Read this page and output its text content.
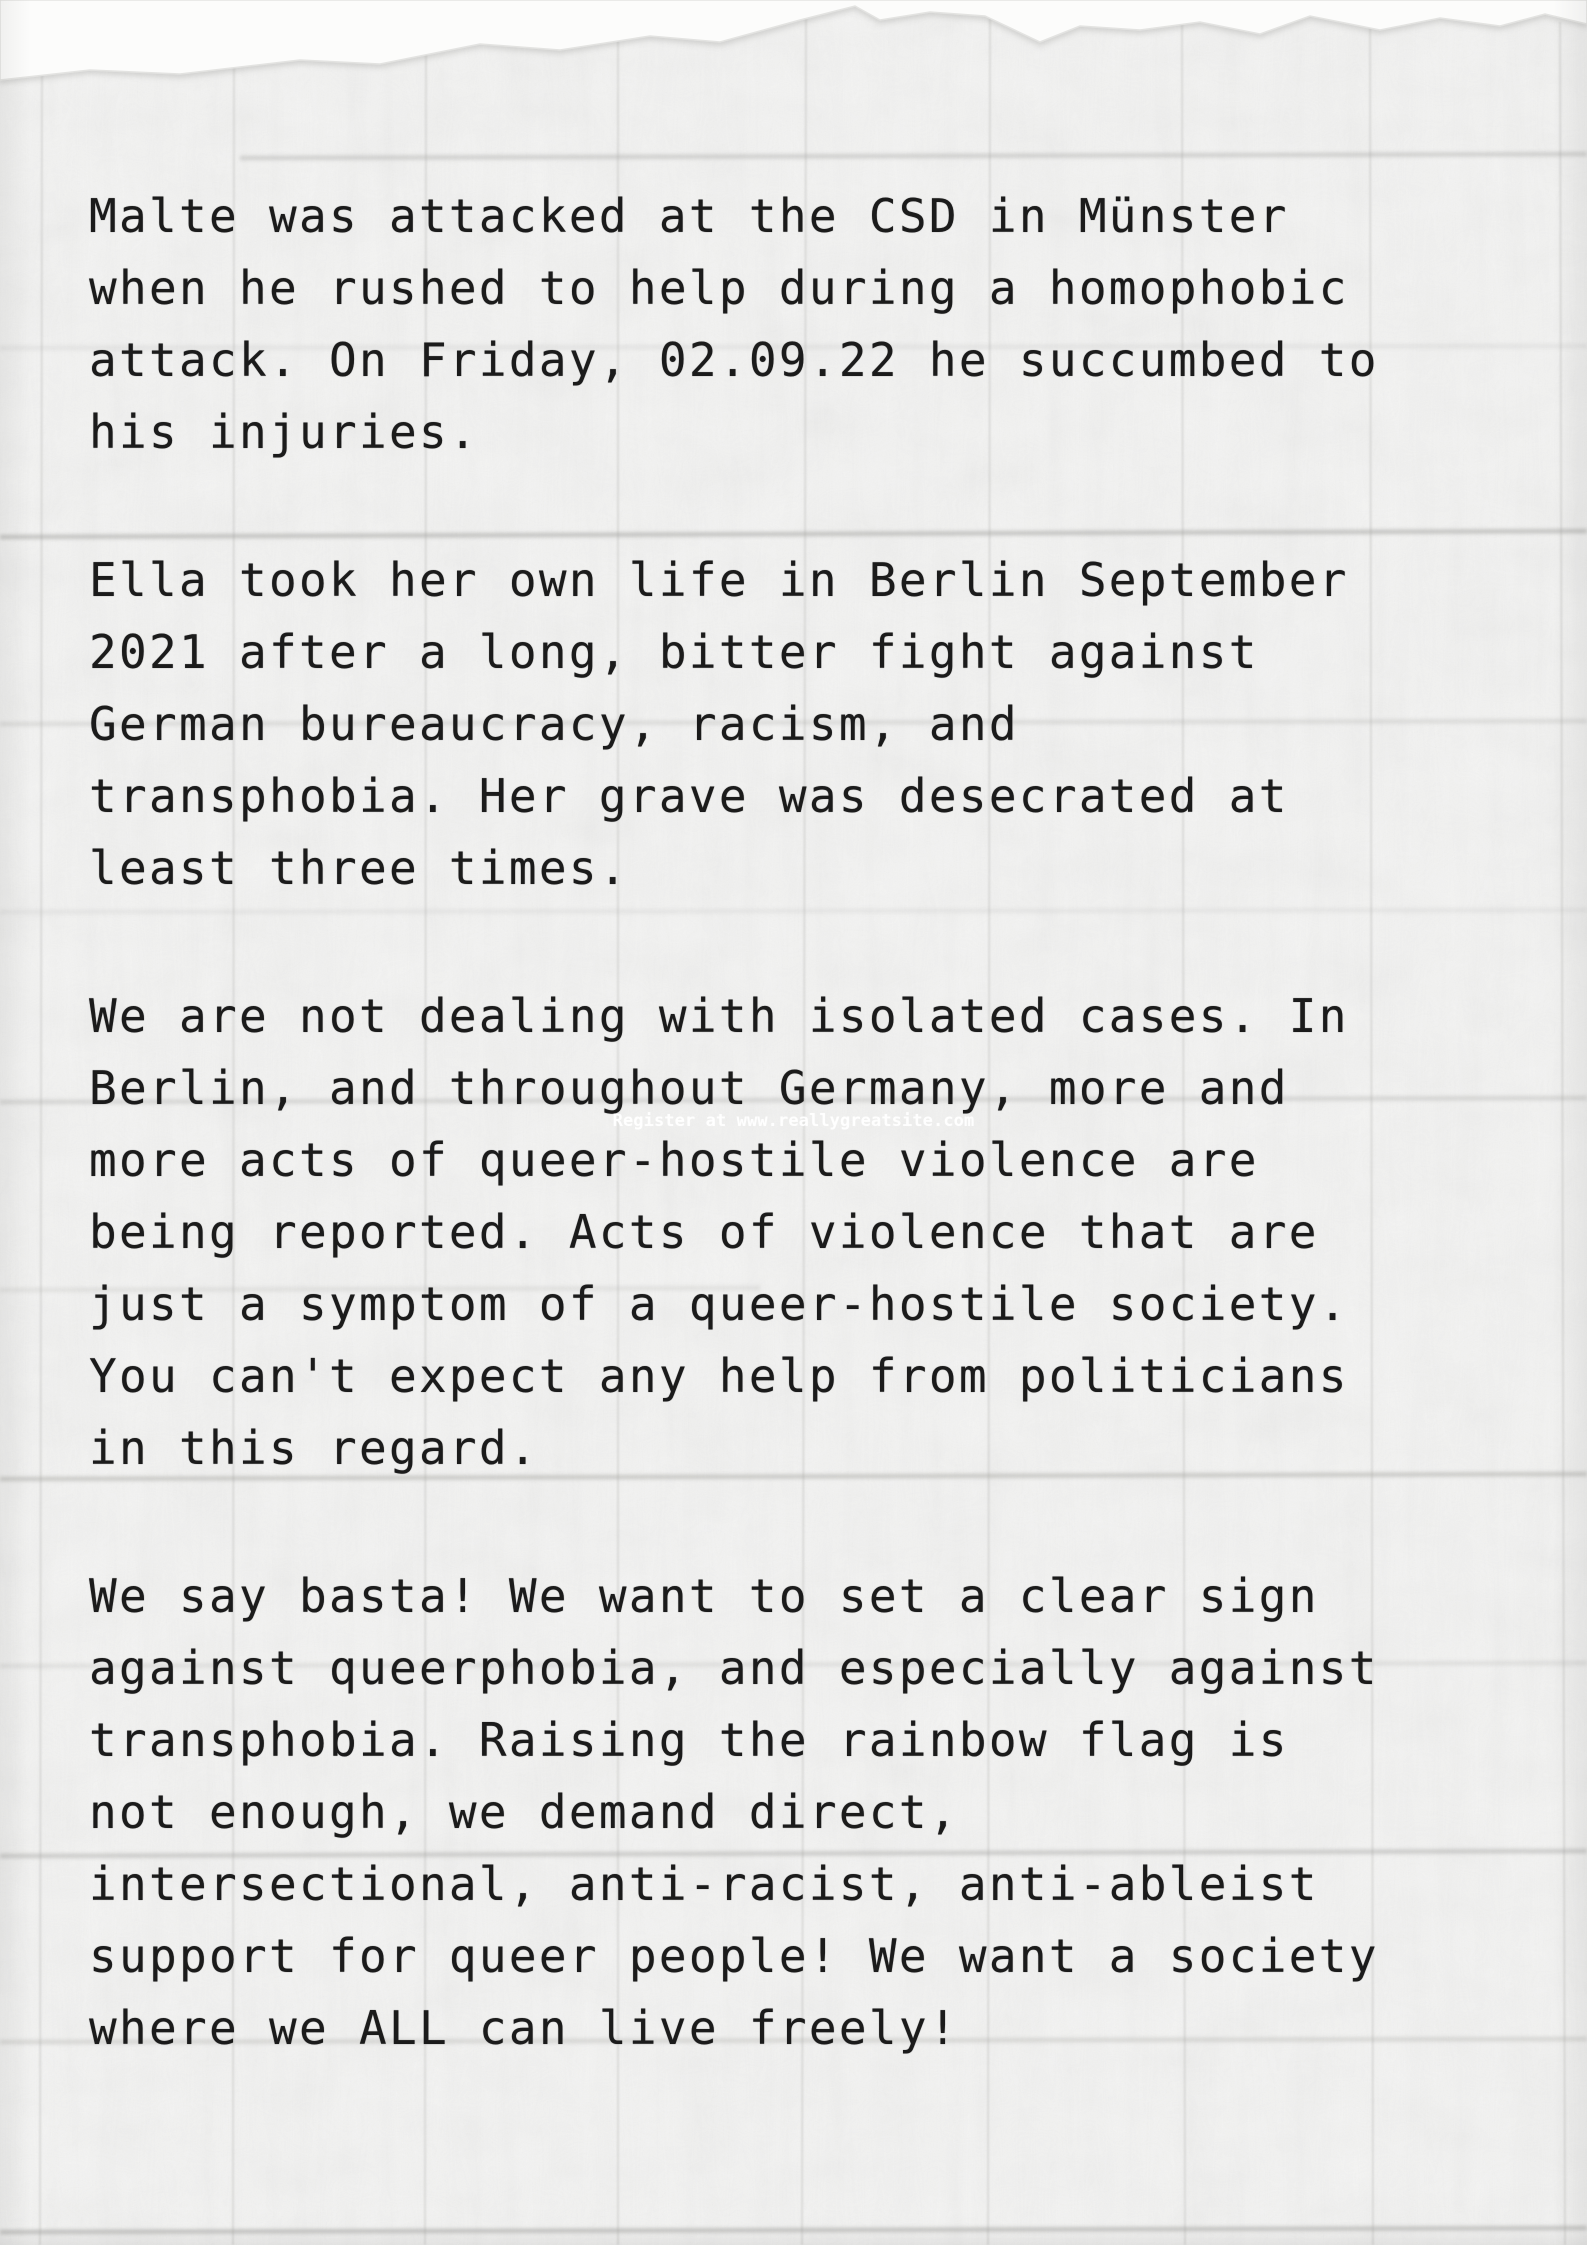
Malte was attacked at the CSD in Münster when he rushed to help during a homophobic attack. On Friday, 02.09.22 he succumbed to his injuries.

Ella took her own life in Berlin September 2021 after a long, bitter fight against German bureaucracy, racism, and transphobia. Her grave was desecrated at least three times.

We are not dealing with isolated cases. In Berlin, and throughout Germany, more and more acts of queer-hostile violence are being reported. Acts of violence that are just a symptom of a queer-hostile society. You can't expect any help from politicians in this regard.

We say basta! We want to set a clear sign against queerphobia, and especially against transphobia. Raising the rainbow flag is not enough, we demand direct, intersectional, anti-racist, anti-ableist support for queer people! We want a society where we ALL can live freely!

Register at www.reallygreatsite.com
